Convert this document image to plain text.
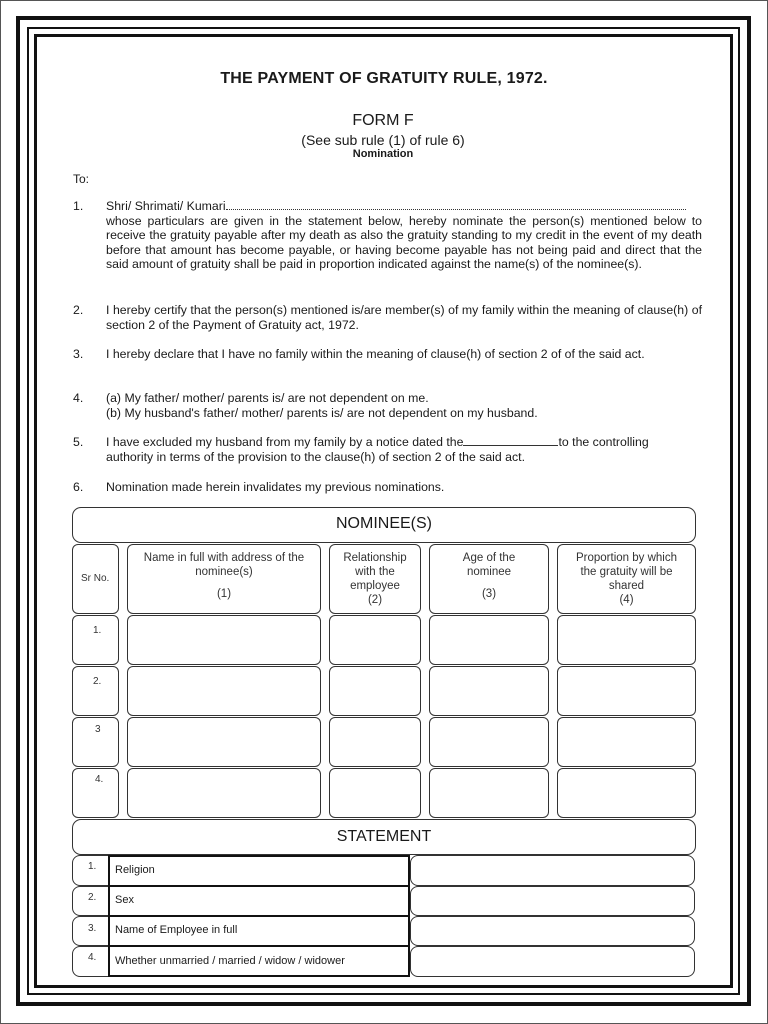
THE PAYMENT OF GRATUITY RULE, 1972.
FORM F
(See sub rule (1) of rule 6)
Nomination
To:
1. Shri/ Shrimati/ Kumari
whose particulars are given in the statement below, hereby nominate the person(s) mentioned below to receive the gratuity payable after my death as also the gratuity standing to my credit in the event of my death before that amount has become payable, or having become payable has not being paid and direct that the said amount of gratuity shall be paid in proportion indicated against the name(s) of the nominee(s).
2. I hereby certify that the person(s) mentioned is/are member(s) of my family within the meaning of clause(h) of section 2 of the Payment of Gratuity act, 1972.
3. I hereby declare that I have no family within the meaning of clause(h) of section 2 of of the said act.
4. (a) My father/ mother/ parents is/ are not dependent on me.
(b) My husband's father/ mother/ parents is/ are not dependent on my husband.
5. I have excluded my husband from my family by a notice dated the	to the controlling
authority in terms of the provision to the clause(h) of section 2 of the said act.
6. Nomination made herein invalidates my previous nominations.
NOMINEE(S)
Sr No.
Name in full with address of the nominee(s)
(1)
Relationship with the employee
(2)
Age of the nominee
(3)
Proportion by which the gratuity will be shared
(4)
1.
2.
3
4.
STATEMENT
1.
2.
3.
4.
Religion
Sex
Name of Employee in full
Whether unmarried / married / widow / widower
